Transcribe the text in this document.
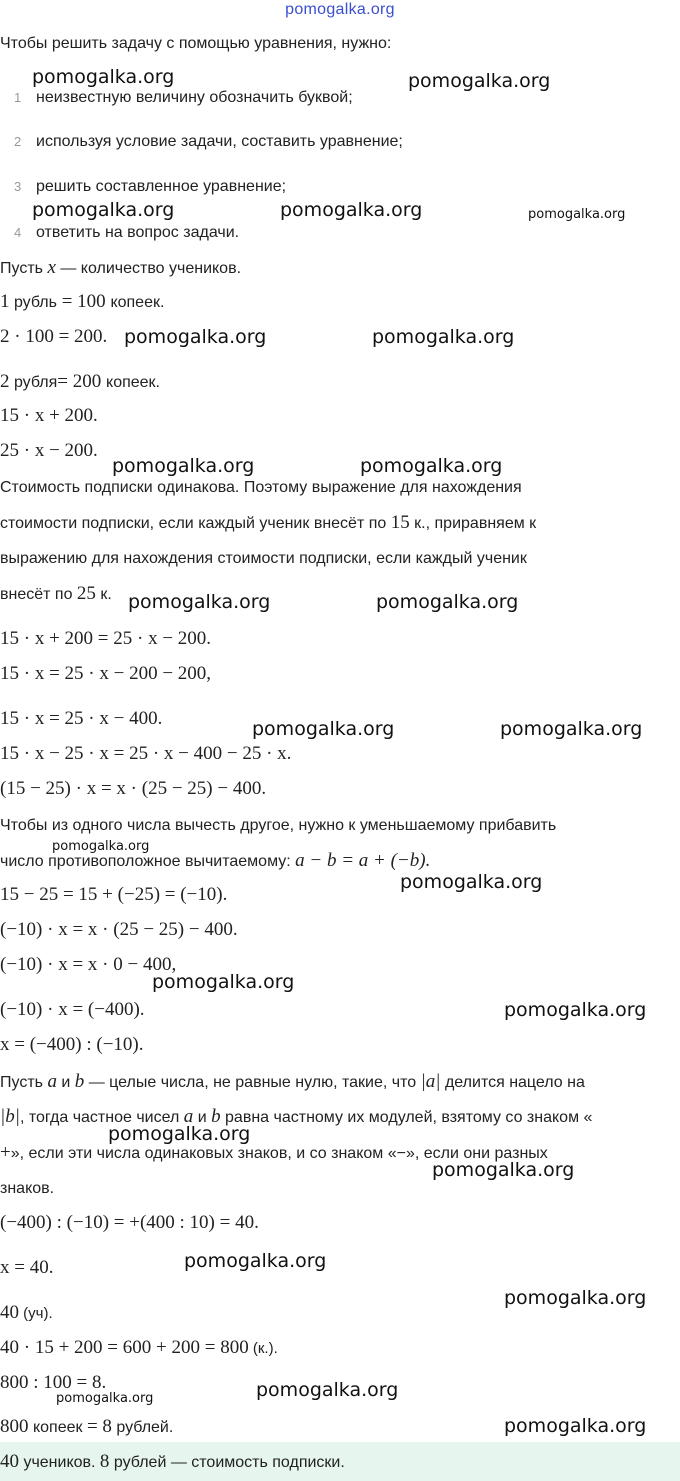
pomogalka.org
Чтобы решить задачу с помощью уравнения, нужно:
1 неизвестную величину обозначить буквой;
2 используя условие задачи, составить уравнение;
3 решить составленное уравнение;
4 ответить на вопрос задачи.
Пусть x — количество учеников.
1 рубль = 100 копеек.
2 · 100 = 200.
2 рубля= 200 копеек.
15 · x + 200.
25 · x − 200.
Стоимость подписки одинакова. Поэтому выражение для нахождения
стоимости подписки, если каждый ученик внесёт по 15 к., приравняем к
выражению для нахождения стоимости подписки, если каждый ученик
внесёт по 25 к.
15 · x + 200 = 25 · x − 200.
15 · x = 25 · x − 200 − 200,
15 · x = 25 · x − 400.
15 · x − 25 · x = 25 · x − 400 − 25 · x.
(15 − 25) · x = x · (25 − 25) − 400.
Чтобы из одного числа вычесть другое, нужно к уменьшаемому прибавить
число противоположное вычитаемому: a − b = a + (−b).
15 − 25 = 15 + (−25) = (−10).
(−10) · x = x · (25 − 25) − 400.
(−10) · x = x · 0 − 400,
(−10) · x = (−400).
x = (−400) : (−10).
Пусть a и b — целые числа, не равные нулю, такие, что |a| делится нацело на
|b|, тогда частное чисел a и b равна частному их модулей, взятому со знаком «
+», если эти числа одинаковых знаков, и со знаком «−», если они разных
знаков.
(−400) : (−10) = +(400 : 10) = 40.
x = 40.
40 (уч).
40 · 15 + 200 = 600 + 200 = 800 (к.).
800 : 100 = 8.
800 копеек = 8 рублей.
40 учеников. 8 рублей — стоимость подписки.
pomogalka.org	pomogalka.org
pomogalka.org	pomogalka.org	pomogalka.org
pomogalka.org	pomogalka.org
pomogalka.org	pomogalka.org
pomogalka.org	pomogalka.org
pomogalka.org	pomogalka.org
pomogalka.org
pomogalka.org
pomogalka.org
pomogalka.org
pomogalka.org
pomogalka.org
pomogalka.org
pomogalka.org
pomogalka.org
pomogalka.org
pomogalka.org
